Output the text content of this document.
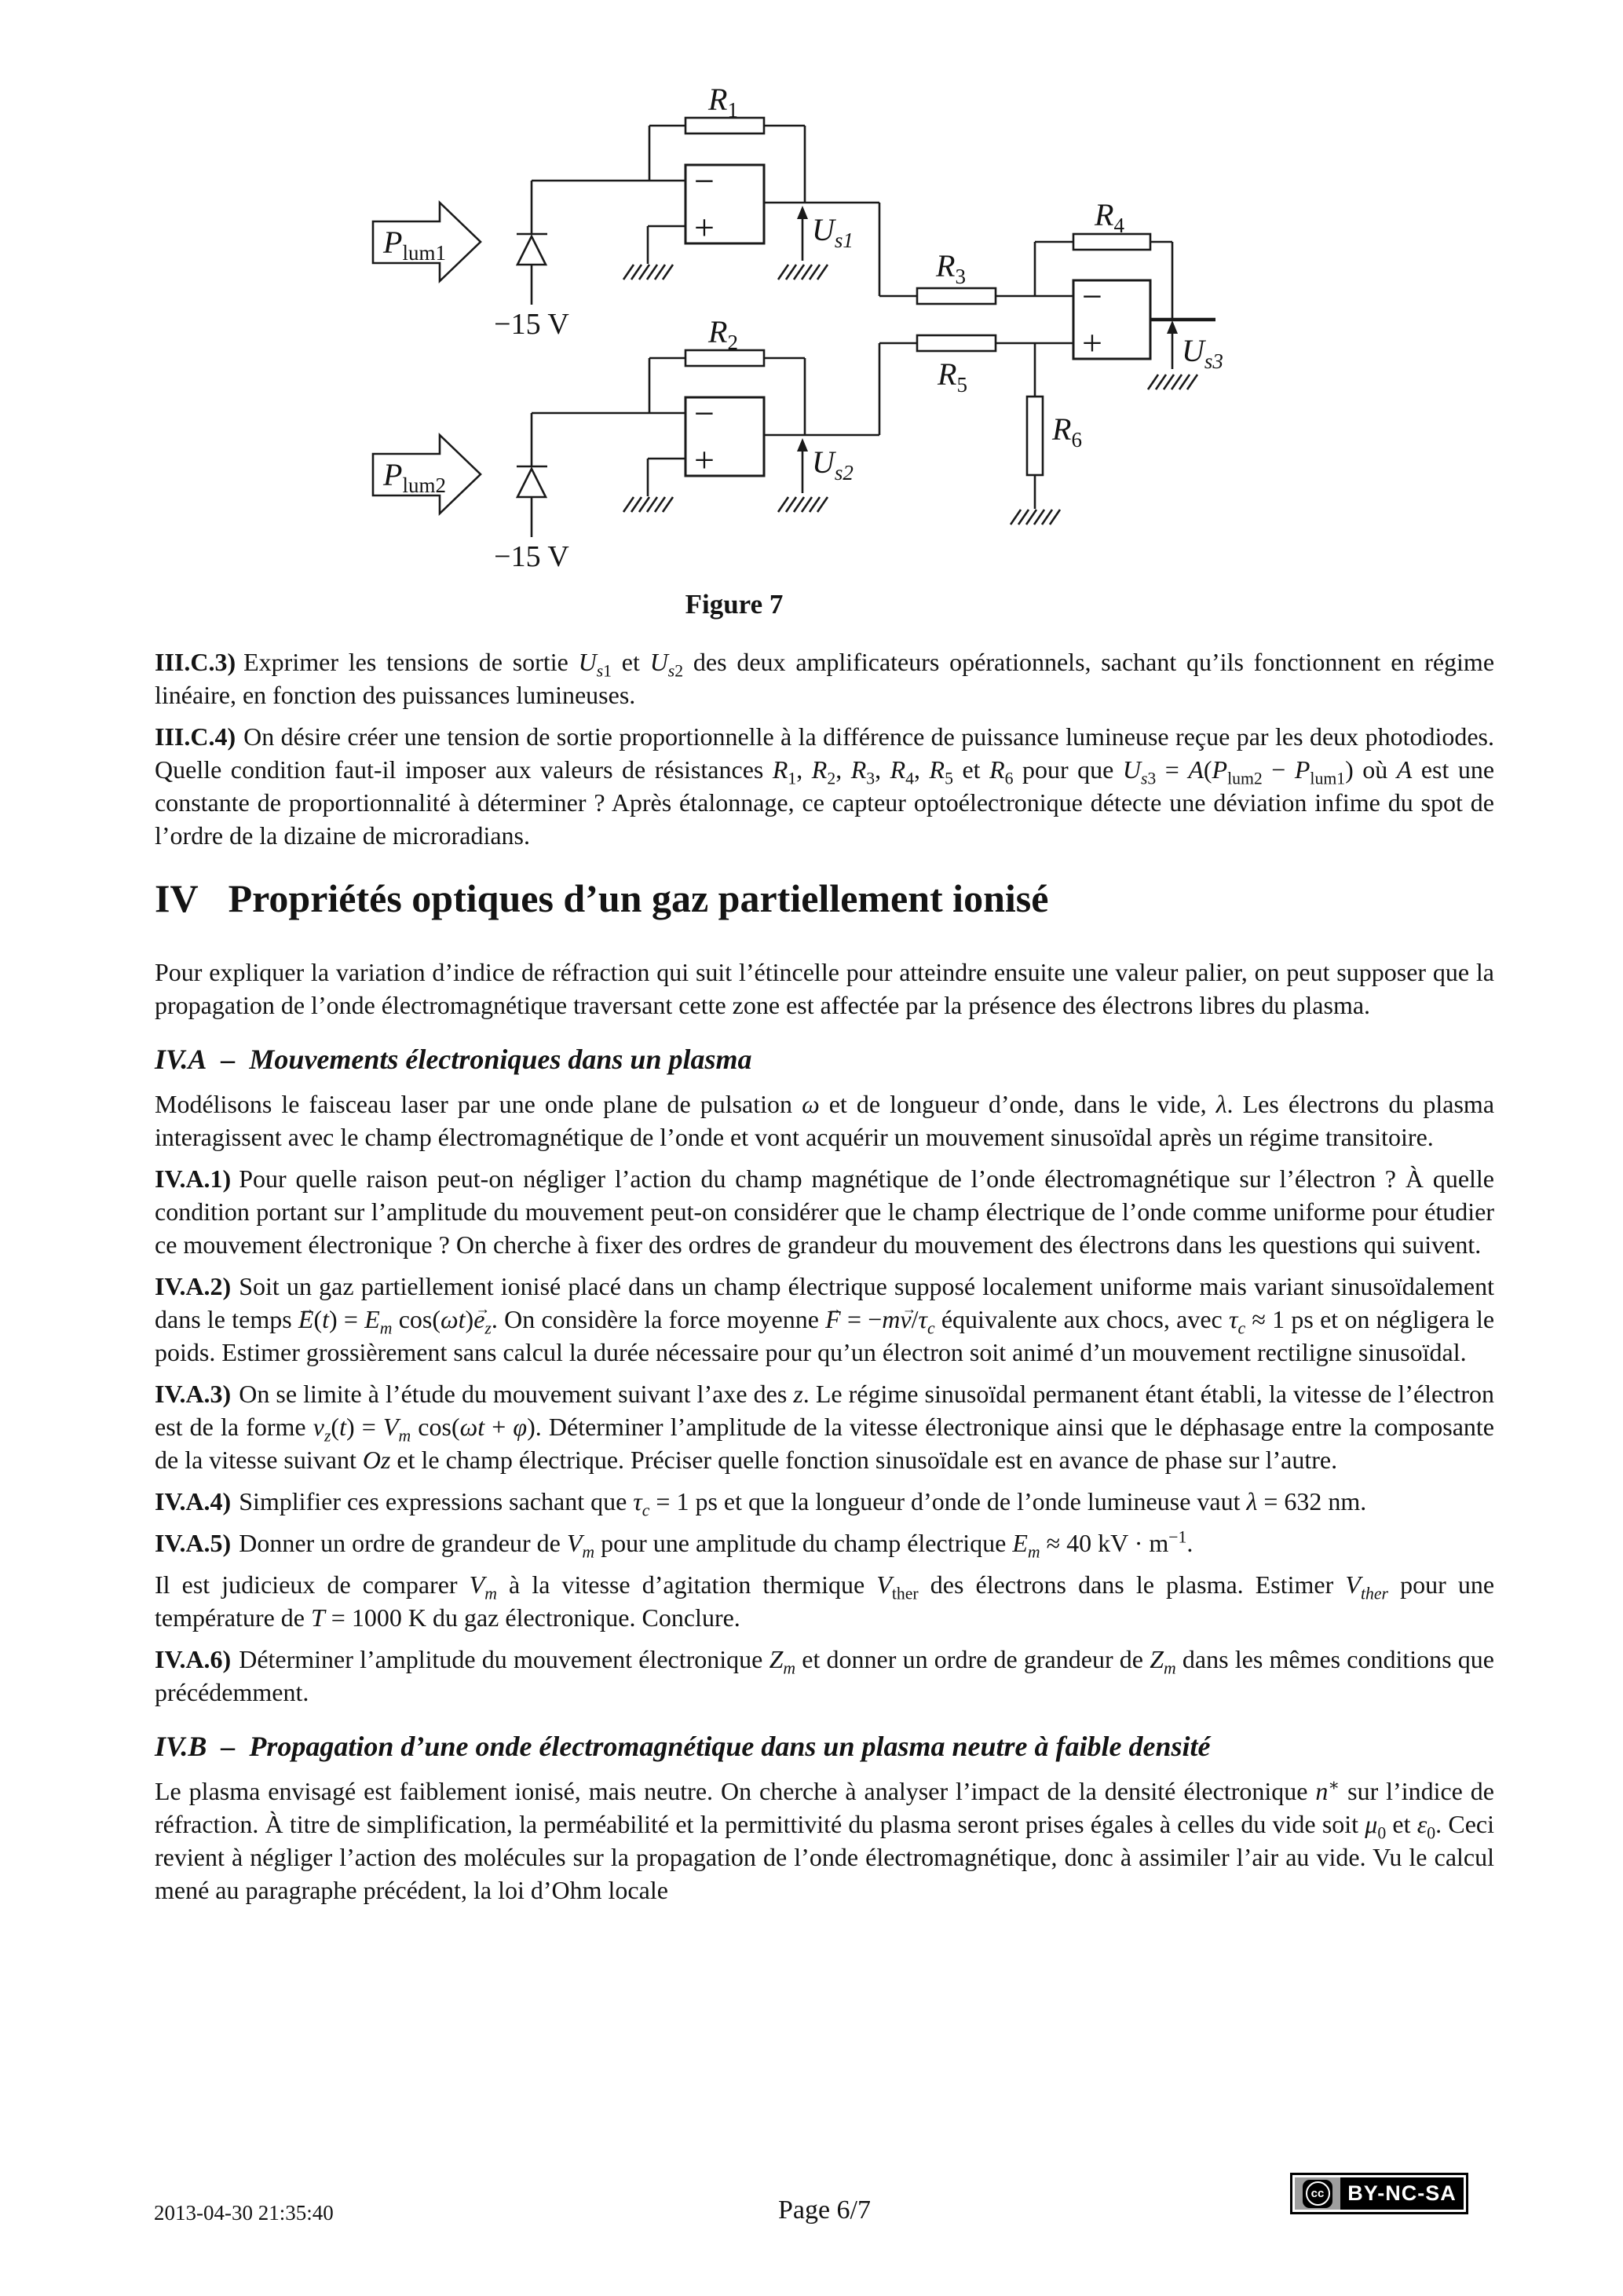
−
+
−
+
−
+
$P_{lum1}$
$P_{lum2}$
$R_1$
$R_2$
$R_3$
$R_4$
$R_5$
$R_6$
$U_{s1}$
$U_{s2}$
$U_{s3}$
−15 V
−15 V
Figure 7
III.C.3) Exprimer les tensions de sortie $U_{s1}$ et $U_{s2}$ des deux amplificateurs opérationnels, sachant qu’ils fonctionnent en régime linéaire, en fonction des puissances lumineuses.
III.C.4) On désire créer une tension de sortie proportionnelle à la différence de puissance lumineuse reçue par les deux photodiodes. Quelle condition faut-il imposer aux valeurs de résistances $R_1$, $R_2$, $R_3$, $R_4$, $R_5$ et $R_6$ pour que $U_{s3} = A(P_{lum2} - P_{lum1})$ où A est une constante de proportionnalité à déterminer ? Après étalonnage, ce capteur optoélectronique détecte une déviation infime du spot de l’ordre de la dizaine de microradians.
IV Propriétés optiques d’un gaz partiellement ionisé
Pour expliquer la variation d’indice de réfraction qui suit l’étincelle pour atteindre ensuite une valeur palier, on peut supposer que la propagation de l’onde électromagnétique traversant cette zone est affectée par la présence des électrons libres du plasma.
IV.A – Mouvements électroniques dans un plasma
Modélisons le faisceau laser par une onde plane de pulsation ω et de longueur d’onde, dans le vide, λ. Les électrons du plasma interagissent avec le champ électromagnétique de l’onde et vont acquérir un mouvement sinusoïdal après un régime transitoire.
IV.A.1) Pour quelle raison peut-on négliger l’action du champ magnétique de l’onde électromagnétique sur l’électron ? À quelle condition portant sur l’amplitude du mouvement peut-on considérer que le champ électrique de l’onde comme uniforme pour étudier ce mouvement électronique ? On cherche à fixer des ordres de grandeur du mouvement des électrons dans les questions qui suivent.
IV.A.2) Soit un gaz partiellement ionisé placé dans un champ électrique supposé localement uniforme mais variant sinusoïdalement dans le temps $E \to(t) = E_m$ $\cos(\omega t)e \to_z$. On considère la force moyenne F → = $-mv \to/\tau_c$ équivalente aux chocs, avec $\tau_c \approx 1$ ps et on négligera le poids. Estimer grossièrement sans calcul la durée nécessaire pour qu’un électron soit animé d’un mouvement rectiligne sinusoïdal.
IV.A.3) On se limite à l’étude du mouvement suivant l’axe des z. Le régime sinusoïdal permanent étant établi, la vitesse de l’électron est de la forme $v_z(t) = V_m$ cos(ωt + φ). Déterminer l’amplitude de la vitesse électronique ainsi que le déphasage entre la composante de la vitesse suivant Oz et le champ électrique. Préciser quelle fonction sinusoïdale est en avance de phase sur l’autre.
IV.A.4) Simplifier ces expressions sachant que $\tau_c = 1$ ps et que la longueur d’onde de l’onde lumineuse vaut λ = 632 nm.
IV.A.5) Donner un ordre de grandeur de $V_m$ pour une amplitude du champ électrique $E_m \approx 40$ kV · $m^{-1}$.
Il est judicieux de comparer $V_m$ à la vitesse d’agitation thermique $V_{ther}$ des électrons dans le plasma. Estimer $V_{ther}$ pour une température de T = 1000 K du gaz électronique. Conclure.
IV.A.6) Déterminer l’amplitude du mouvement électronique $Z_m$ et donner un ordre de grandeur de $Z_m$ dans les mêmes conditions que précédemment.
IV.B – Propagation d’une onde électromagnétique dans un plasma neutre à faible densité
Le plasma envisagé est faiblement ionisé, mais neutre. On cherche à analyser l’impact de la densité électronique n∗ sur l’indice de réfraction. À titre de simplification, la perméabilité et la permittivité du plasma seront prises égales à celles du vide soit $\mu_0$ et $\varepsilon_0$. Ceci revient à négliger l’action des molécules sur la propagation de l’onde électromagnétique, donc à assimiler l’air au vide. Vu le calcul mené au paragraphe précédent, la loi d’Ohm locale
2013-04-30 21:35:40	Page 6/7
cc	BY-NC-SA
